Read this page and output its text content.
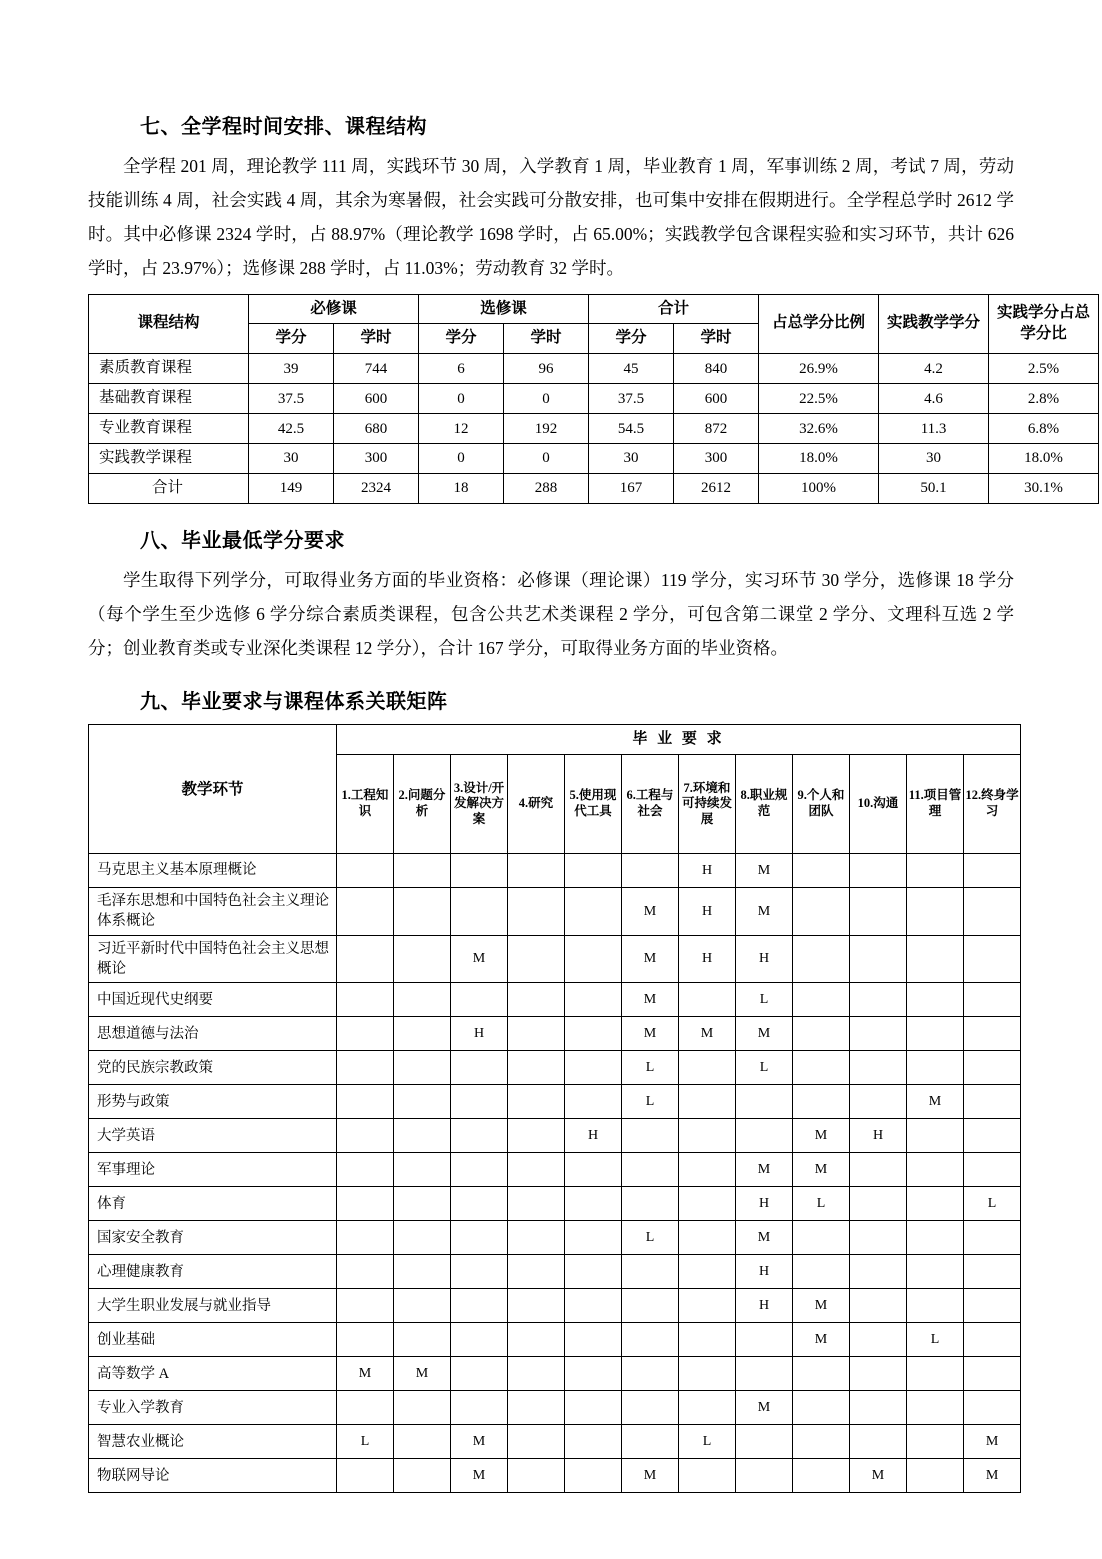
七、全学程时间安排、课程结构

全学程 201 周，理论教学 111 周，实践环节 30 周，入学教育 1 周，毕业教育 1 周，军事训练 2 周，考试 7 周，劳动技能训练 4 周，社会实践 4 周，其余为寒暑假，社会实践可分散安排，也可集中安排在假期进行。全学程总学时 2612 学时。其中必修课 2324 学时，占 88.97%（理论教学 1698 学时，占 65.00%；实践教学包含课程实验和实习环节，共计 626 学时，占 23.97%）；选修课 288 学时，占 11.03%；劳动教育 32 学时。

课程结构	必修课		选修课		合计		占总学分比例	实践教学学分	实践学分占总学分比
	学分	学时	学分	学时	学分	学时			
素质教育课程	39	744	6	96	45	840	26.9%	4.2	2.5%
基础教育课程	37.5	600	0	0	37.5	600	22.5%	4.6	2.8%
专业教育课程	42.5	680	12	192	54.5	872	32.6%	11.3	6.8%
实践教学课程	30	300	0	0	30	300	18.0%	30	18.0%
合计	149	2324	18	288	167	2612	100%	50.1	30.1%
八、毕业最低学分要求

学生取得下列学分，可取得业务方面的毕业资格：必修课（理论课）119 学分，实习环节 30 学分，选修课 18 学分（每个学生至少选修 6 学分综合素质类课程，包含公共艺术类课程 2 学分，可包含第二课堂 2 学分、文理科互选 2 学分；创业教育类或专业深化类课程 12 学分），合计 167 学分，可取得业务方面的毕业资格。

九、毕业要求与课程体系关联矩阵
教学环节	毕 业 要 求											
	1.工程知识	2.问题分析	3.设计/开发解决方案	4.研究	5.使用现代工具	6.工程与社会	7.环境和可持续发展	8.职业规范	9.个人和团队	10.沟通	11.项目管理	12.终身学习
马克思主义基本原理概论							H	M				
毛泽东思想和中国特色社会主义理论体系概论						M	H	M				
习近平新时代中国特色社会主义思想概论			M			M	H	H				
中国近现代史纲要						M		L				
思想道德与法治			H			M	M	M				
党的民族宗教政策						L		L				
形势与政策						L					M	
大学英语					H				M	H		
军事理论								M	M			
体育								H	L			L
国家安全教育						L		M				
心理健康教育								H				
大学生职业发展与就业指导								H	M			
创业基础									M		L	
高等数学 A	M	M										
专业入学教育								M				
智慧农业概论	L		M				L					M
物联网导论			M			M				M		M
